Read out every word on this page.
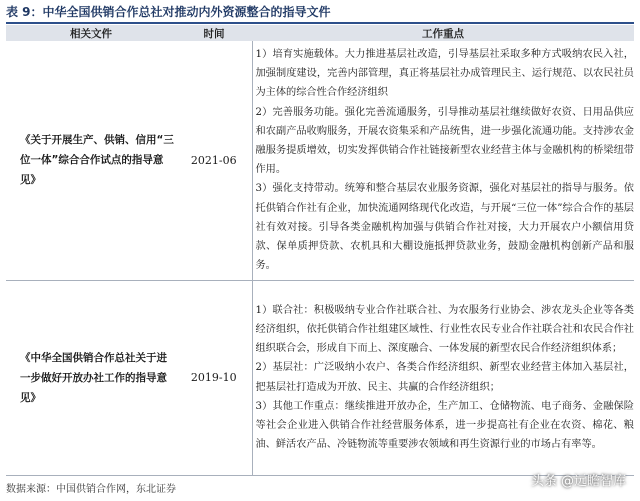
表 9：中华全国供销合作总社对推动内外资源整合的指导文件
相关文件	时间	工作重点
《关于开展生产、供销、信用“三位一体”综合合作试点的指导意见》	2021-06	1）培育实施载体。大力推进基层社改造，引导基层社采取多种方式吸纳农民入社，加强制度建设，完善内部管理，真正将基层社办成管理民主、运行规范、以农民社员为主体的综合性合作经济组织

2）完善服务功能。强化完善流通服务，引导推动基层社继续做好农资、日用品供应和农副产品收购服务，开展农资集采和产品统售，进一步强化流通功能。支持涉农金融服务提质增效，切实发挥供销合作社链接新型农业经营主体与金融机构的桥梁纽带作用。

3）强化支持带动。统筹和整合基层农业服务资源，强化对基层社的指导与服务。依托供销合作社有企业，加快流通网络现代化改造，与开展“三位一体”综合合作的基层社有效对接。引导各类金融机构加强与供销合作社对接，大力开展农户小额信用贷款、保单质押贷款、农机具和大棚设施抵押贷款业务，鼓励金融机构创新产品和服务。

《中华全国供销合作总社关于进一步做好开放办社工作的指导意见》	2019-10	1）联合社：积极吸纳专业合作社联合社、为农服务行业协会、涉农龙头企业等各类经济组织，依托供销合作社组建区域性、行业性农民专业合作社联合社和农民合作社组织联合会，形成自下而上、深度融合、一体发展的新型农民合作经济组织体系；

2）基层社：广泛吸纳小农户、各类合作经济组织、新型农业经营主体加入基层社，把基层社打造成为开放、民主、共赢的合作经济组织；

3）其他工作重点：继续推进开放办企，生产加工、仓储物流、电子商务、金融保险等社会企业进入供销合作社经营服务体系，进一步提高社有企业在农资、棉花、粮油、鲜活农产品、冷链物流等重要涉农领域和再生资源行业的市场占有率等。

数据来源：中国供销合作网，东北证券
头条 @远瞻智库
